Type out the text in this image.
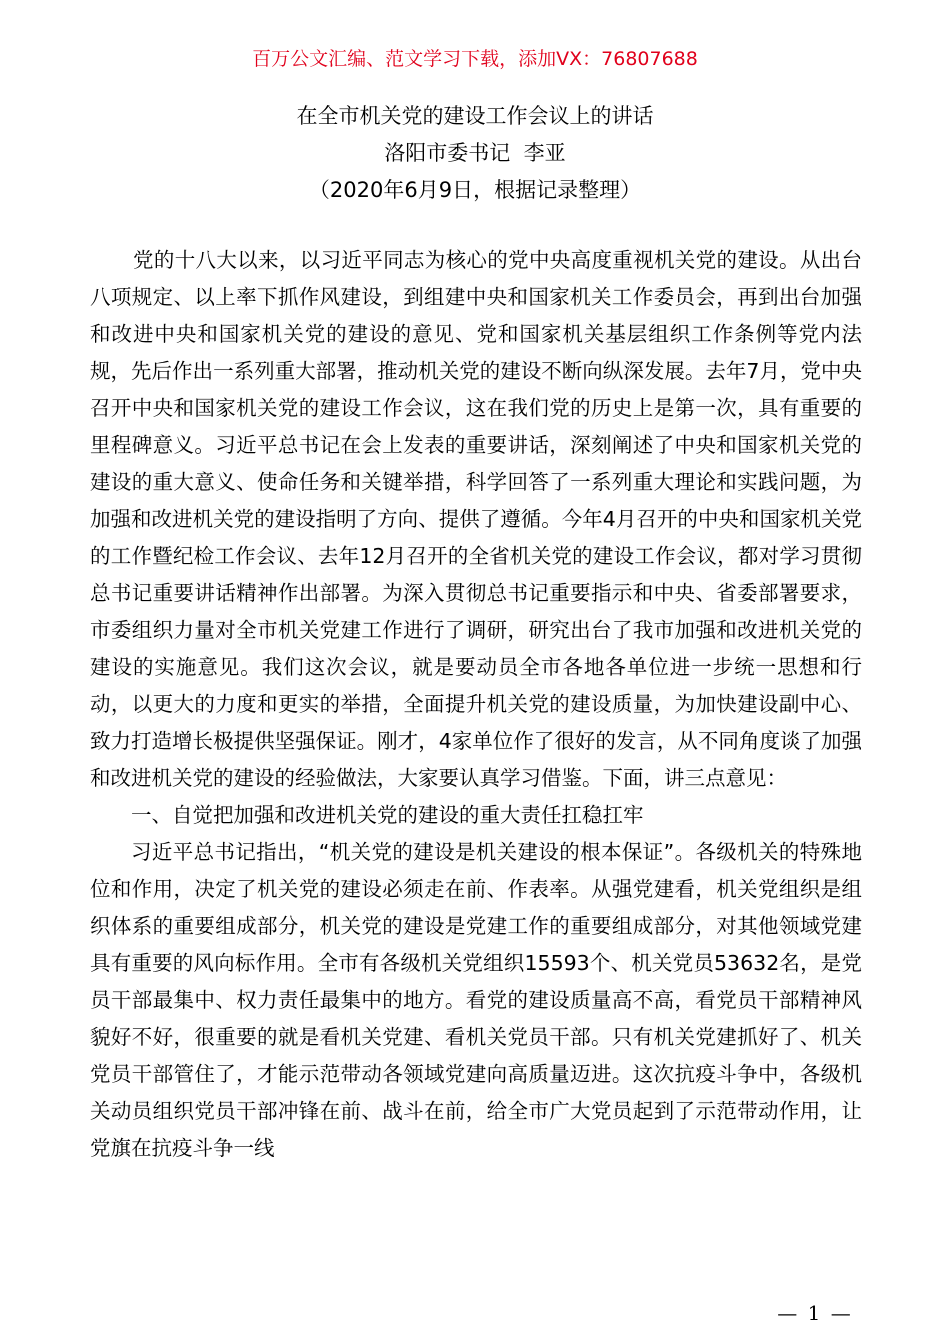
百万公文汇编、范文学习下载，添加VX：76807688
在全市机关党的建设工作会议上的讲话
洛阳市委书记  李亚
（2020年6月9日，根据记录整理）

党的十八大以来，以习近平同志为核心的党中央高度重视机关党的建设。从出台八项规定、以上率下抓作风建设，到组建中央和国家机关工作委员会，再到出台加强和改进中央和国家机关党的建设的意见、党和国家机关基层组织工作条例等党内法规，先后作出一系列重大部署，推动机关党的建设不断向纵深发展。去年7月，党中央召开中央和国家机关党的建设工作会议，这在我们党的历史上是第一次，具有重要的里程碑意义。习近平总书记在会上发表的重要讲话，深刻阐述了中央和国家机关党的建设的重大意义、使命任务和关键举措，科学回答了一系列重大理论和实践问题，为加强和改进机关党的建设指明了方向、提供了遵循。今年4月召开的中央和国家机关党的工作暨纪检工作会议、去年12月召开的全省机关党的建设工作会议，都对学习贯彻总书记重要讲话精神作出部署。为深入贯彻总书记重要指示和中央、省委部署要求，市委组织力量对全市机关党建工作进行了调研，研究出台了我市加强和改进机关党的建设的实施意见。我们这次会议，就是要动员全市各地各单位进一步统一思想和行动，以更大的力度和更实的举措，全面提升机关党的建设质量，为加快建设副中心、致力打造增长极提供坚强保证。刚才，4家单位作了很好的发言，从不同角度谈了加强和改进机关党的建设的经验做法，大家要认真学习借鉴。下面，讲三点意见：

一、自觉把加强和改进机关党的建设的重大责任扛稳扛牢

习近平总书记指出，“机关党的建设是机关建设的根本保证”。各级机关的特殊地位和作用，决定了机关党的建设必须走在前、作表率。从强党建看，机关党组织是组织体系的重要组成部分，机关党的建设是党建工作的重要组成部分，对其他领域党建具有重要的风向标作用。全市有各级机关党组织15593个、机关党员53632名，是党员干部最集中、权力责任最集中的地方。看党的建设质量高不高，看党员干部精神风貌好不好，很重要的就是看机关党建、看机关党员干部。只有机关党建抓好了、机关党员干部管住了，才能示范带动各领域党建向高质量迈进。这次抗疫斗争中，各级机关动员组织党员干部冲锋在前、战斗在前，给全市广大党员起到了示范带动作用，让党旗在抗疫斗争一线

— 1 —
